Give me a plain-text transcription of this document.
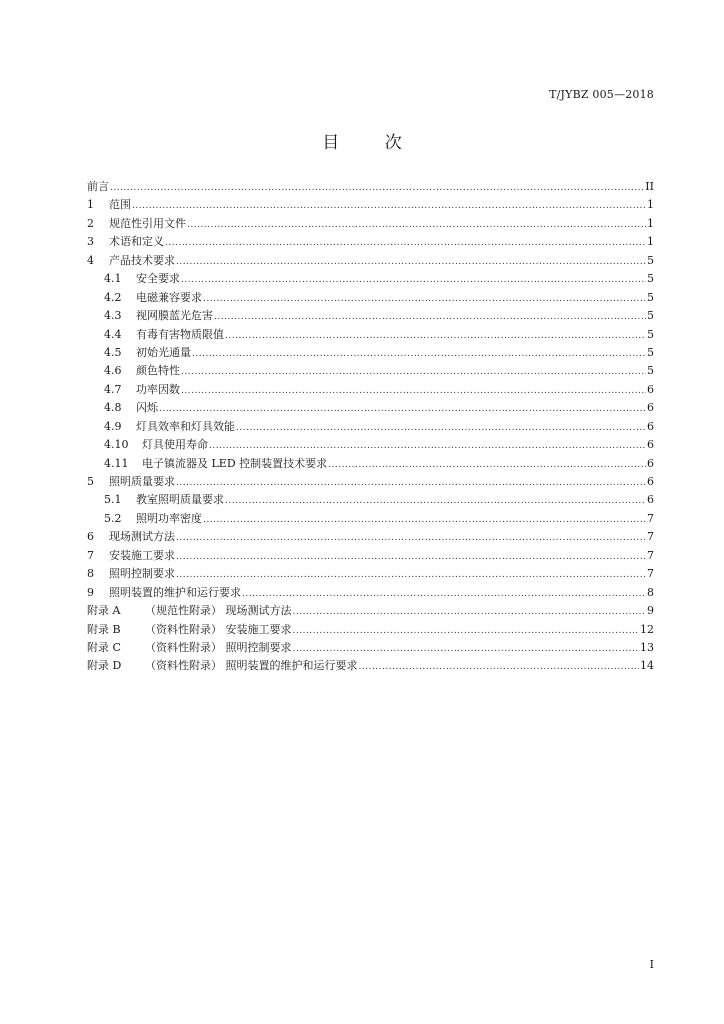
T/JYBZ 005—2018
目 次
前言 .....	II
1	范围 .....	1
2	规范性引用文件 .....	1
3	术语和定义 .....	1
4	产品技术要求 .....	5
4.1	安全要求 .....	5
4.2	电磁兼容要求 .....	5
4.3	视网膜蓝光危害 .....	5
4.4	有毒有害物质限值 .....	5
4.5	初始光通量 .....	5
4.6	颜色特性 .....	5
4.7	功率因数 .....	6
4.8	闪烁 .....	6
4.9	灯具效率和灯具效能 .....	6
4.10	灯具使用寿命 .....	6
4.11	电子镇流器及 LED 控制装置技术要求 .....	6
5	照明质量要求 .....	6
5.1	教室照明质量要求 .....	6
5.2	照明功率密度 .....	7
6	现场测试方法 .....	7
7	安装施工要求 .....	7
8	照明控制要求 .....	7
9	照明装置的维护和运行要求 .....	8
附录 A	（规范性附录） 现场测试方法 .....	9
附录 B	（资料性附录） 安装施工要求 .....	12
附录 C	（资料性附录） 照明控制要求 .....	13
附录 D	（资料性附录） 照明装置的维护和运行要求 .....	14
I
